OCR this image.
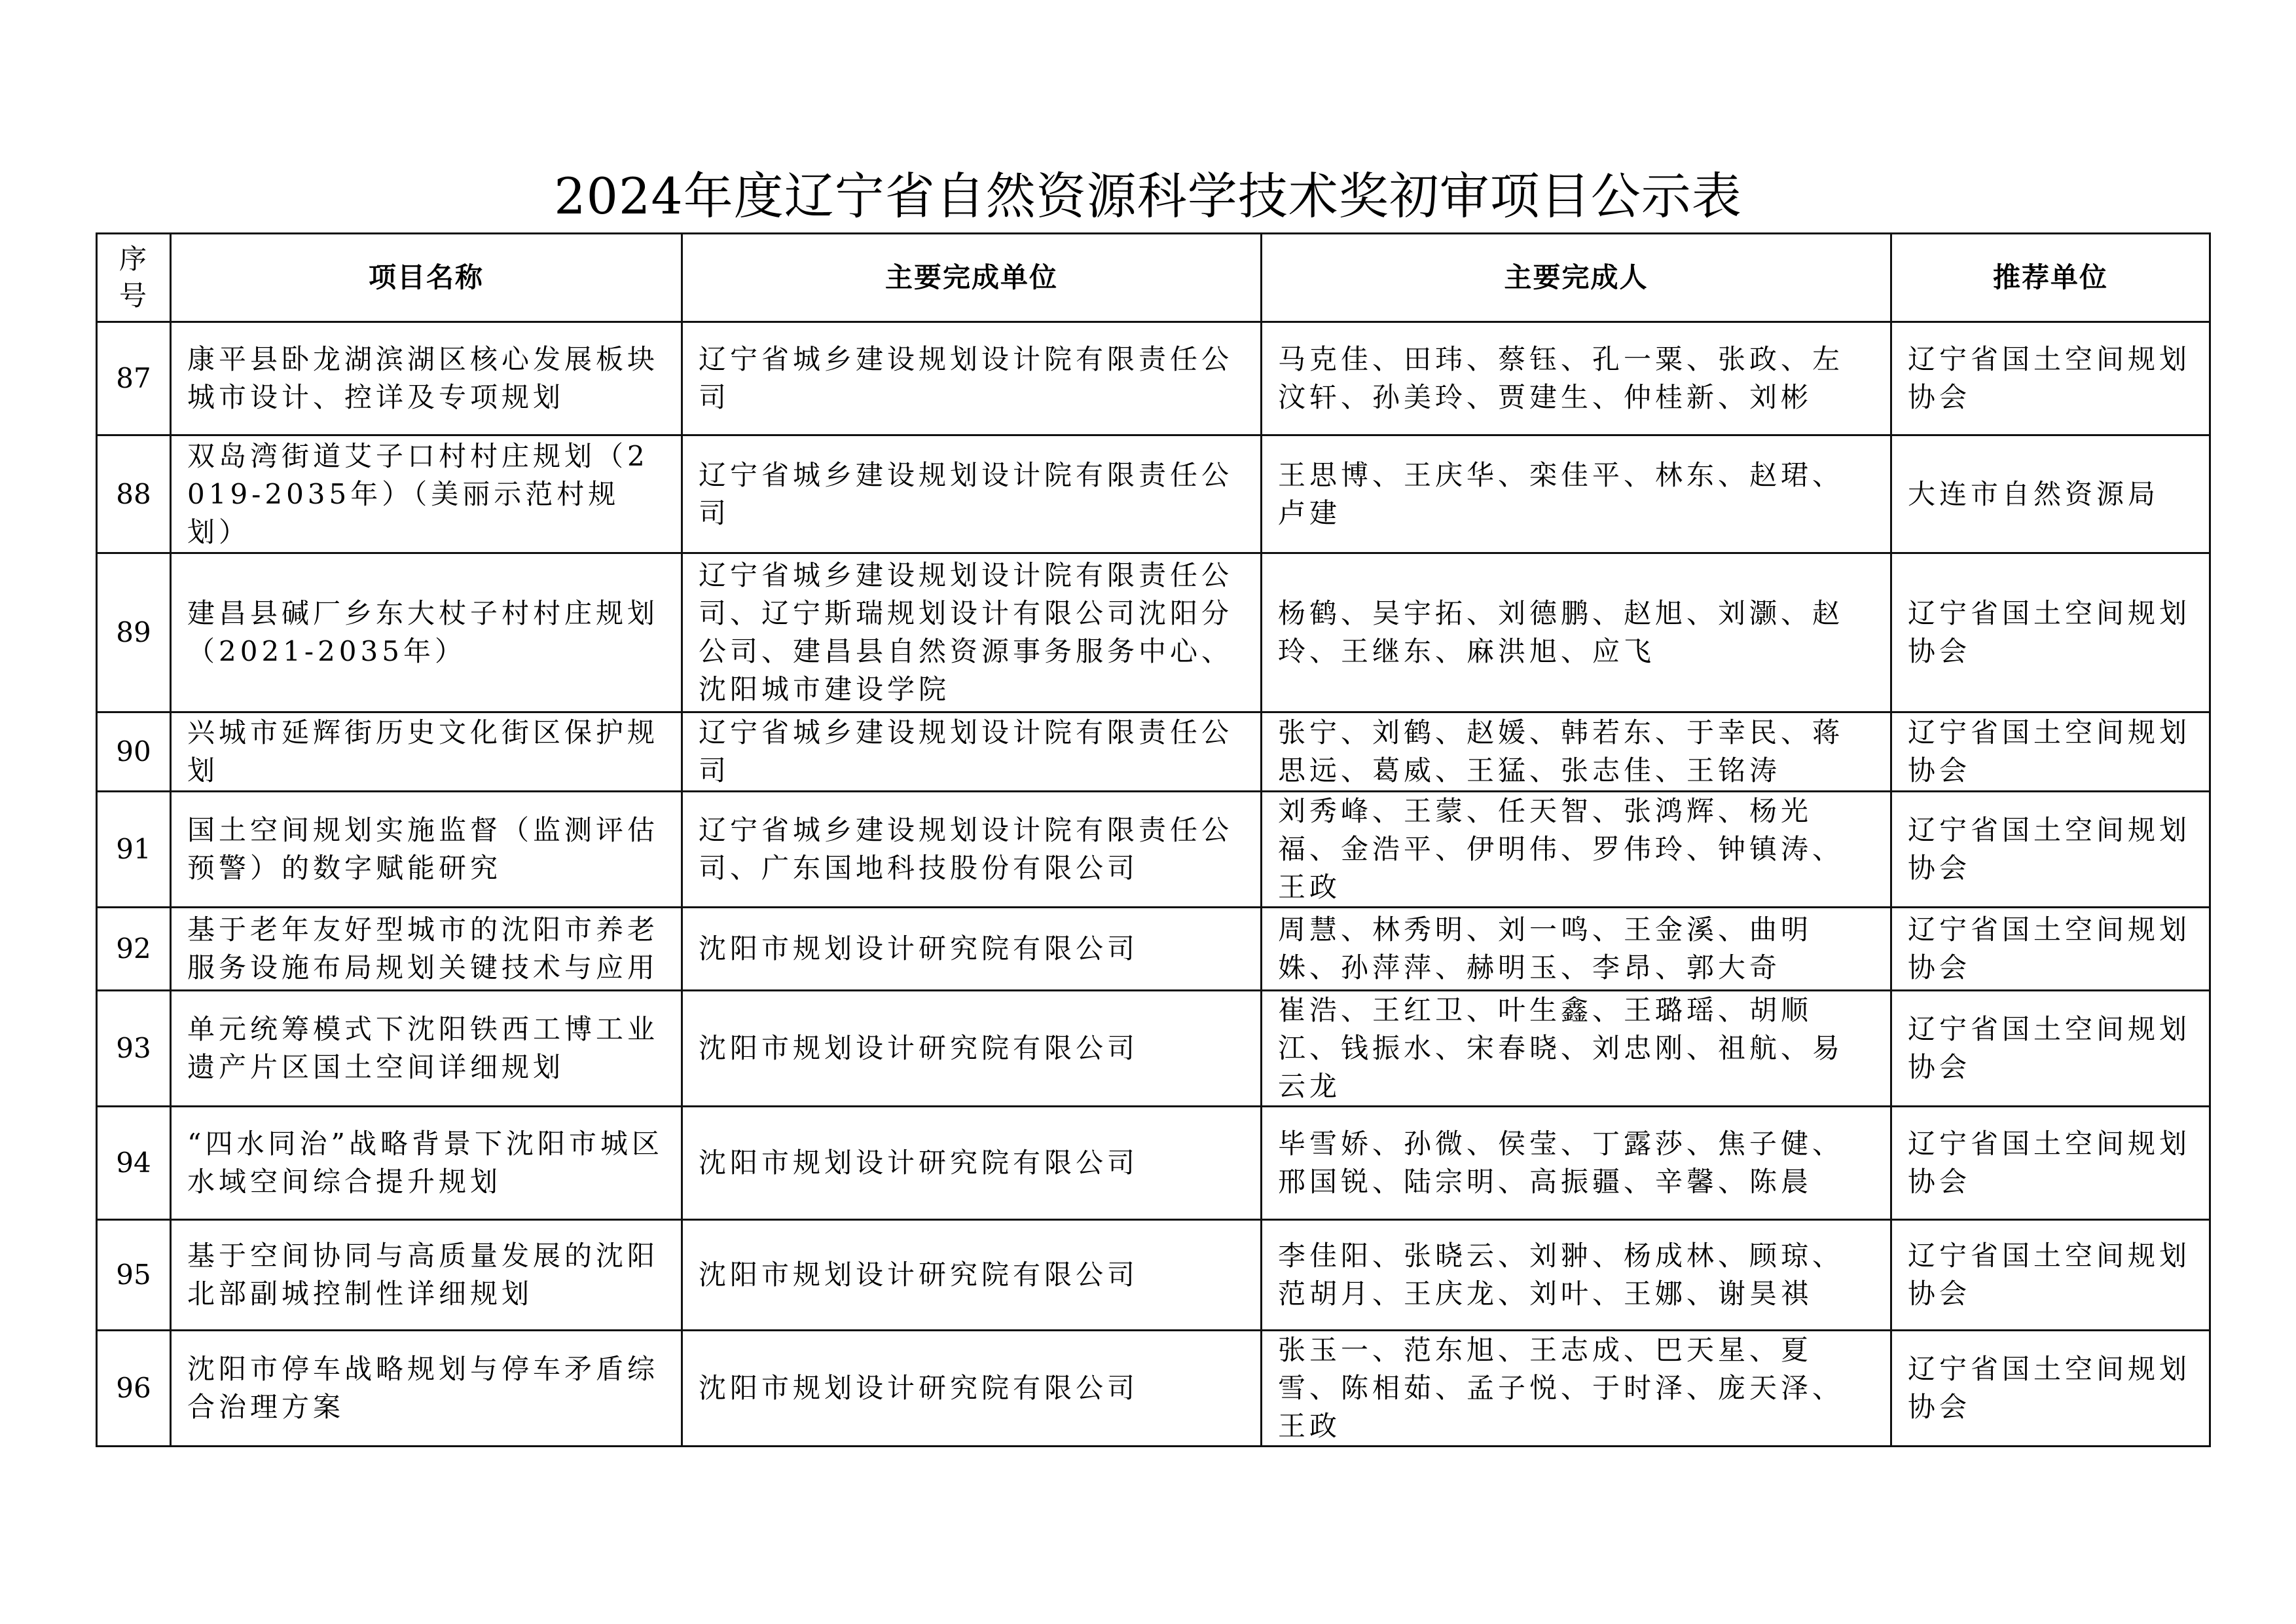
2024年度辽宁省自然资源科学技术奖初审项目公示表
序
号	项目名称	主要完成单位	主要完成人	推荐单位
87	康平县卧龙湖滨湖区核心发展板块城市设计、控详及专项规划	辽宁省城乡建设规划设计院有限责任公司	马克佳、田玮、蔡钰、孔一粟、张政、左汶轩、孙美玲、贾建生、仲桂新、刘彬	辽宁省国土空间规划协会
88	双岛湾街道艾子口村村庄规划（2019-2035年）（美丽示范村规划）	辽宁省城乡建设规划设计院有限责任公司	王思博、王庆华、栾佳平、林东、赵珺、卢建	大连市自然资源局
89	建昌县碱厂乡东大杖子村村庄规划（2021-2035年）	辽宁省城乡建设规划设计院有限责任公司、辽宁斯瑞规划设计有限公司沈阳分公司、建昌县自然资源事务服务中心、沈阳城市建设学院	杨鹤、吴宇拓、刘德鹏、赵旭、刘灏、赵玲、王继东、麻洪旭、应飞	辽宁省国土空间规划协会
90	兴城市延辉街历史文化街区保护规划	辽宁省城乡建设规划设计院有限责任公司	张宁、刘鹤、赵媛、韩若东、于幸民、蒋思远、葛威、王猛、张志佳、王铭涛	辽宁省国土空间规划协会
91	国土空间规划实施监督（监测评估预警）的数字赋能研究	辽宁省城乡建设规划设计院有限责任公司、广东国地科技股份有限公司	刘秀峰、王蒙、任天智、张鸿辉、杨光福、金浩平、伊明伟、罗伟玲、钟镇涛、王政	辽宁省国土空间规划协会
92	基于老年友好型城市的沈阳市养老服务设施布局规划关键技术与应用	沈阳市规划设计研究院有限公司	周慧、林秀明、刘一鸣、王金溪、曲明姝、孙萍萍、赫明玉、李昂、郭大奇	辽宁省国土空间规划协会
93	单元统筹模式下沈阳铁西工博工业遗产片区国土空间详细规划	沈阳市规划设计研究院有限公司	崔浩、王红卫、叶生鑫、王璐瑶、胡顺江、钱振水、宋春晓、刘忠刚、祖航、易云龙	辽宁省国土空间规划协会
94	“四水同治”战略背景下沈阳市城区水域空间综合提升规划	沈阳市规划设计研究院有限公司	毕雪娇、孙微、侯莹、丁露莎、焦子健、邢国锐、陆宗明、高振疆、辛馨、陈晨	辽宁省国土空间规划协会
95	基于空间协同与高质量发展的沈阳北部副城控制性详细规划	沈阳市规划设计研究院有限公司	李佳阳、张晓云、刘翀、杨成林、顾琼、范胡月、王庆龙、刘叶、王娜、谢昊祺	辽宁省国土空间规划协会
96	沈阳市停车战略规划与停车矛盾综合治理方案	沈阳市规划设计研究院有限公司	张玉一、范东旭、王志成、巴天星、夏雪、陈相茹、孟子悦、于时泽、庞天泽、王政	辽宁省国土空间规划协会
